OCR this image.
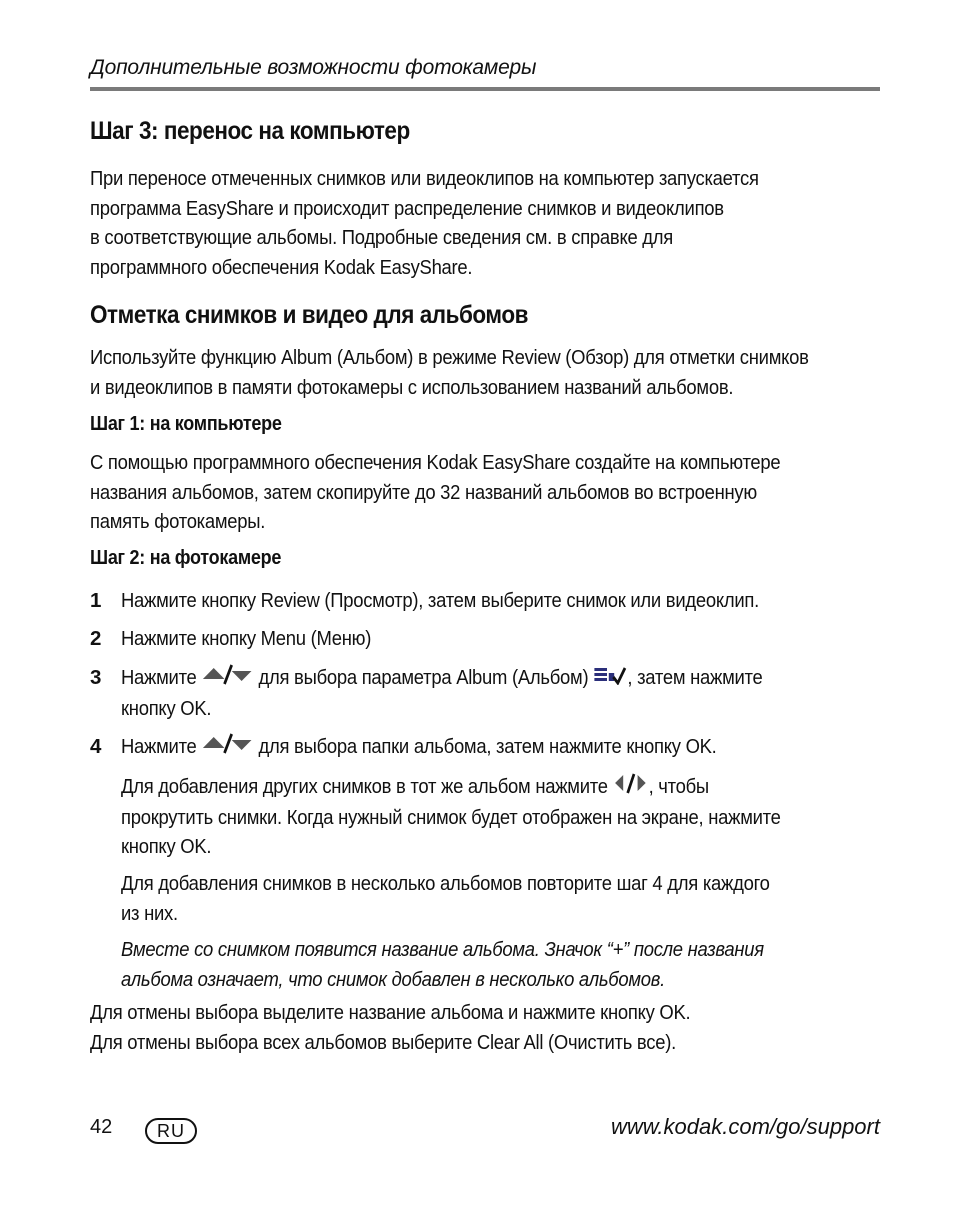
Дополнительные возможности фотокамеры
Шаг 3: перенос на компьютер
При переносе отмеченных снимков или видеоклипов на компьютер запускается
программа EasyShare и происходит распределение снимков и видеоклипов
в соответствующие альбомы. Подробные сведения см. в справке для
программного обеспечения Kodak EasyShare.
Отметка снимков и видео для альбомов
Используйте функцию Album (Альбом) в режиме Review (Обзор) для отметки снимков
и видеоклипов в памяти фотокамеры с использованием названий альбомов.
Шаг 1: на компьютере
С помощью программного обеспечения Kodak EasyShare создайте на компьютере
названия альбомов, затем скопируйте до 32 названий альбомов во встроенную
память фотокамеры.
Шаг 2: на фотокамере
1 Нажмите кнопку Review (Просмотр), затем выберите снимок или видеоклип.
2 Нажмите кнопку Menu (Меню)
3 Нажмите	для выбора параметра Album (Альбом) , затем нажмите
кнопку OK.
4 Нажмите	для выбора папки альбома, затем нажмите кнопку OK.
Для добавления других снимков в тот же альбом нажмите , чтобы
прокрутить снимки. Когда нужный снимок будет отображен на экране, нажмите
кнопку OK.
Для добавления снимков в несколько альбомов повторите шаг 4 для каждого
из них.
Вместе со снимком появится название альбома. Значок “+” после названия
альбома означает, что снимок добавлен в несколько альбомов.
Для отмены выбора выделите название альбома и нажмите кнопку OK.
Для отмены выбора всех альбомов выберите Clear All (Очистить все).
42	RU	www.kodak.com/go/support
